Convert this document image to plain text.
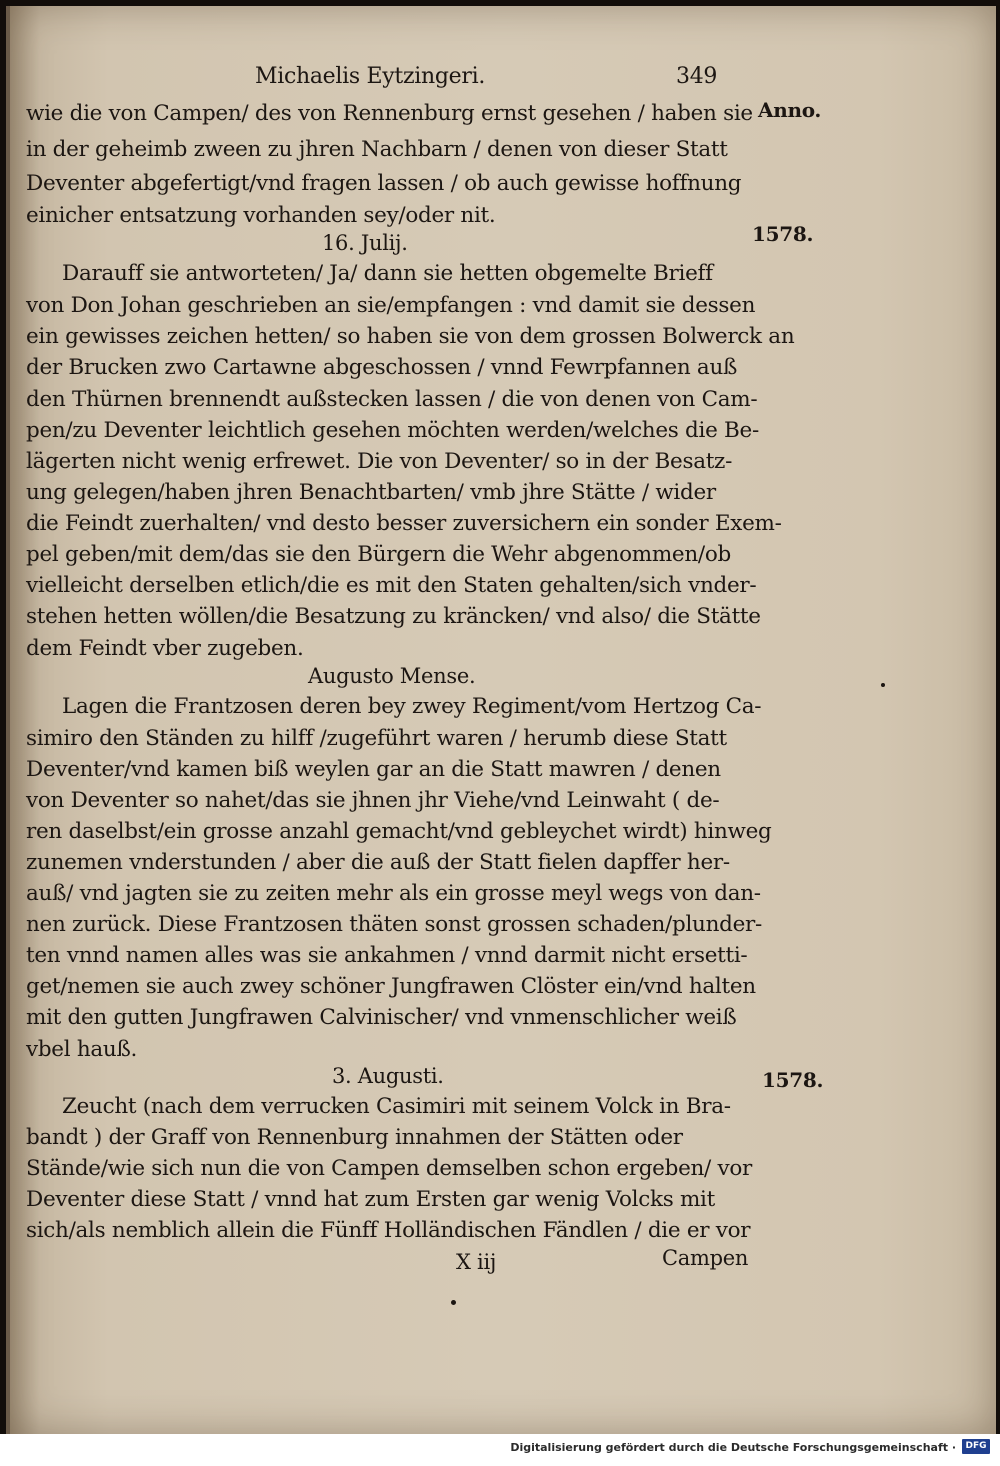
Michaelis Eytzingeri.	349
Anno.
1578.
1578.
wie die von Campen/ des von Rennenburg ernst gesehen / haben sie
in der geheimb zween zu jhren Nachbarn / denen von dieser Statt
Deventer abgefertigt/vnd fragen lassen / ob auch gewisse hoffnung
einicher entsatzung vorhanden sey/oder nit.
16. Julij.
Darauff sie antworteten/ Ja/ dann sie hetten obgemelte Brieff
von Don Johan geschrieben an sie/empfangen : vnd damit sie dessen
ein gewisses zeichen hetten/ so haben sie von dem grossen Bolwerck an
der Brucken zwo Cartawne abgeschossen / vnnd Fewrpfannen auß
den Thürnen brennendt außstecken lassen / die von denen von Cam-
pen/zu Deventer leichtlich gesehen möchten werden/welches die Be-
lägerten nicht wenig erfrewet. Die von Deventer/ so in der Besatz-
ung gelegen/haben jhren Benachtbarten/ vmb jhre Stätte / wider
die Feindt zuerhalten/ vnd desto besser zuversichern ein sonder Exem-
pel geben/mit dem/das sie den Bürgern die Wehr abgenommen/ob
vielleicht derselben etlich/die es mit den Staten gehalten/sich vnder-
stehen hetten wöllen/die Besatzung zu kräncken/ vnd also/ die Stätte
dem Feindt vber zugeben.
Augusto Mense.
Lagen die Frantzosen deren bey zwey Regiment/vom Hertzog Ca-
simiro den Ständen zu hilff /zugeführt waren / herumb diese Statt
Deventer/vnd kamen biß weylen gar an die Statt mawren / denen
von Deventer so nahet/das sie jhnen jhr Viehe/vnd Leinwaht ( de-
ren daselbst/ein grosse anzahl gemacht/vnd gebleychet wirdt) hinweg
zunemen vnderstunden / aber die auß der Statt fielen dapffer her-
auß/ vnd jagten sie zu zeiten mehr als ein grosse meyl wegs von dan-
nen zurück. Diese Frantzosen thäten sonst grossen schaden/plunder-
ten vnnd namen alles was sie ankahmen / vnnd darmit nicht ersetti-
get/nemen sie auch zwey schöner Jungfrawen Clöster ein/vnd halten
mit den gutten Jungfrawen Calvinischer/ vnd vnmenschlicher weiß
vbel hauß.
3. Augusti.
Zeucht (nach dem verrucken Casimiri mit seinem Volck in Bra-
bandt ) der Graff von Rennenburg innahmen der Stätten oder
Stände/wie sich nun die von Campen demselben schon ergeben/ vor
Deventer diese Statt / vnnd hat zum Ersten gar wenig Volcks mit
sich/als nemblich allein die Fünff Holländischen Fändlen / die er vor
X iij	Campen
Digitalisierung gefördert durch die Deutsche Forschungsgemeinschaft ·	DFG
